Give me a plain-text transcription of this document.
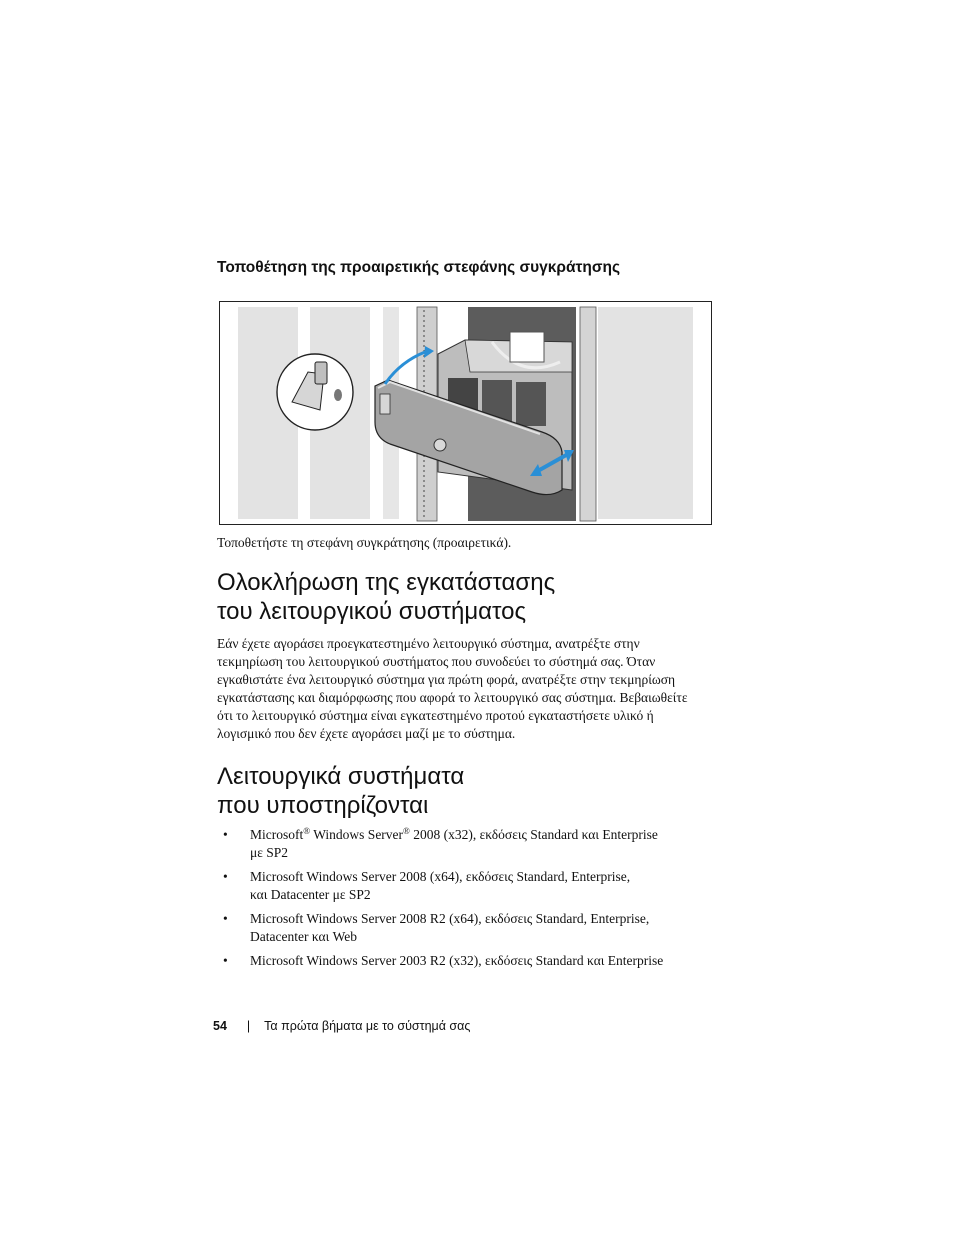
Τοποθέτηση της προαιρετικής στεφάνης συγκράτησης
Τοποθετήστε τη στεφάνη συγκράτησης (προαιρετικά).
Ολοκλήρωση της εγκατάστασης
του λειτουργικού συστήματος
Εάν έχετε αγοράσει προεγκατεστημένο λειτουργικό σύστημα, ανατρέξτε στην
τεκμηρίωση του λειτουργικού συστήματος που συνοδεύει το σύστημά σας. Όταν
εγκαθιστάτε ένα λειτουργικό σύστημα για πρώτη φορά, ανατρέξτε στην τεκμηρίωση
εγκατάστασης και διαμόρφωσης που αφορά το λειτουργικό σας σύστημα. Βεβαιωθείτε
ότι το λειτουργικό σύστημα είναι εγκατεστημένο προτού εγκαταστήσετε υλικό ή
λογισμικό που δεν έχετε αγοράσει μαζί με το σύστημα.
Λειτουργικά συστήματα
που υποστηρίζονται
• Microsoft® Windows Server® 2008 (x32), εκδόσεις Standard και Enterprise
με SP2
• Microsoft Windows Server 2008 (x64), εκδόσεις Standard, Enterprise,
και Datacenter με SP2
• Microsoft Windows Server 2008 R2 (x64), εκδόσεις Standard, Enterprise,
Datacenter και Web
• Microsoft Windows Server 2003 R2 (x32), εκδόσεις Standard και Enterprise
54 | Τα πρώτα βήματα με το σύστημά σας
